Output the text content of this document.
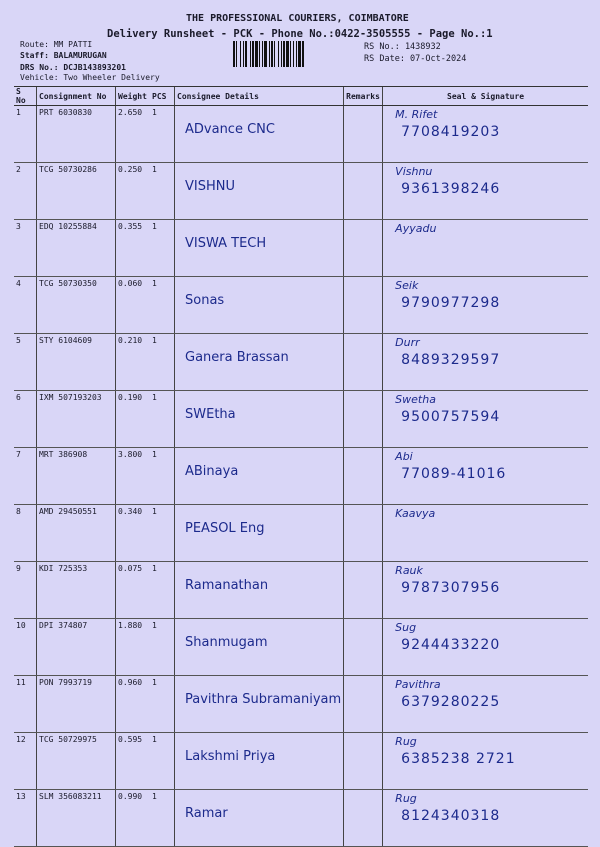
THE PROFESSIONAL COURIERS, COIMBATORE
Delivery Runsheet - PCK - Phone No.:0422-3505555 - Page No.:1
Route: MM PATTI
Staff: BALAMURUGAN
DRS No.: DCJB143893201
Vehicle: Two Wheeler Delivery
RS No.: 1438932
RS Date: 07-Oct-2024
S No	Consignment No	Weight	PCS	Consignee Details	Remarks	Seal & Signature
1	PRT 6030830	2.650	1	ADvance CNC		M. Rifet
7708419203

2	TCG 50730286	0.250	1	VISHNU		Vishnu
9361398246

3	EDQ 10255884	0.355	1	VISWA TECH		Ayyadu

4	TCG 50730350	0.060	1	Sonas		Seik
9790977298

5	STY 6104609	0.210	1	Ganera Brassan		Durr
8489329597

6	IXM 507193203	0.190	1	SWEtha		Swetha
9500757594

7	MRT 386908	3.800	1	ABinaya		Abi
77089-41016

8	AMD 29450551	0.340	1	PEASOL Eng		Kaavya

9	KDI 725353	0.075	1	Ramanathan		Rauk
9787307956

10	DPI 374807	1.880	1	Shanmugam		Sug
9244433220

11	PON 7993719	0.960	1	Pavithra Subramaniyam		Pavithra
6379280225

12	TCG 50729975	0.595	1	Lakshmi Priya		Rug
6385238 2721

13	SLM 356083211	0.990	1	Ramar		Rug
8124340318
